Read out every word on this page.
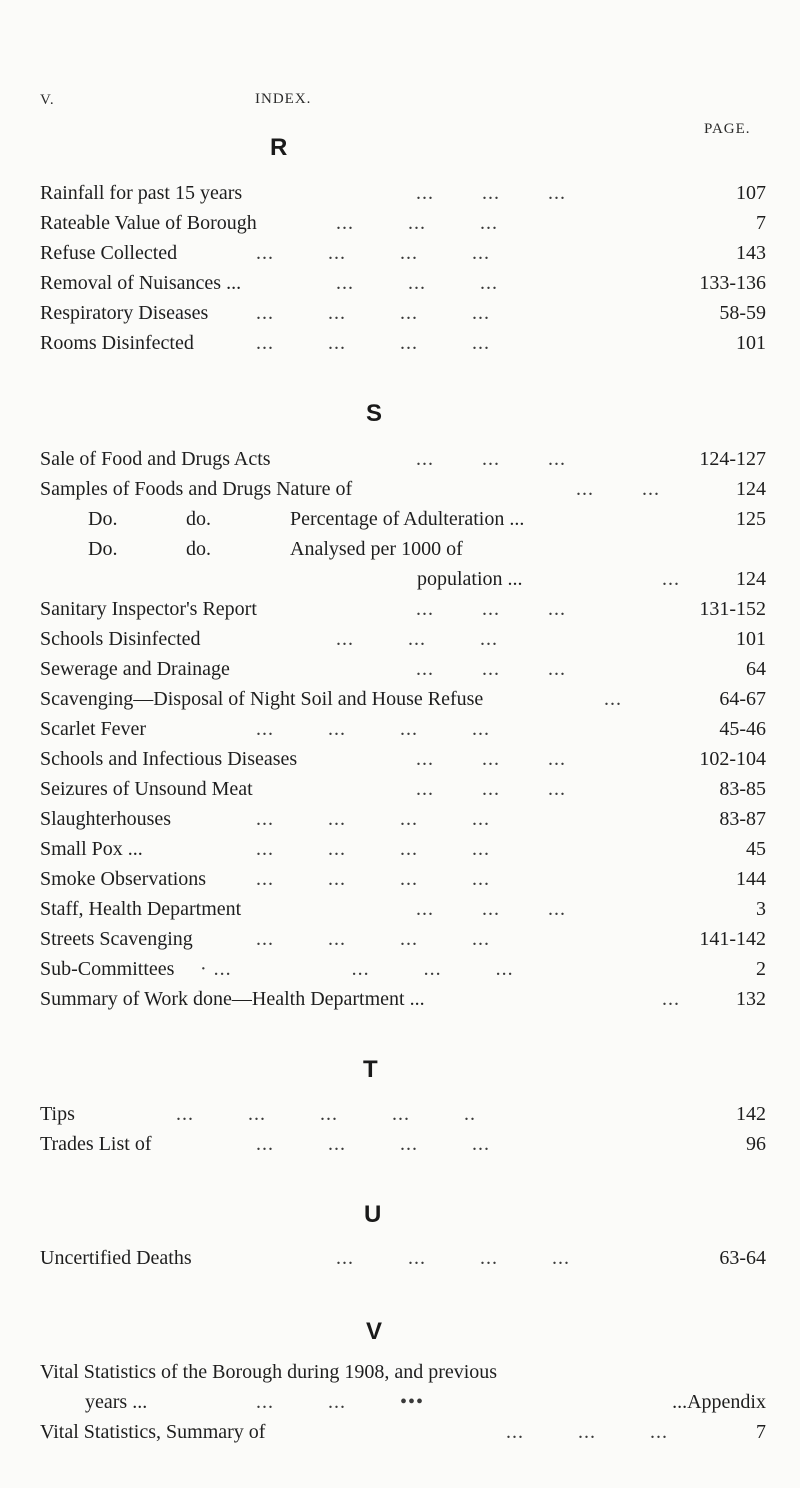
V.	INDEX.
PAGE.
R
Rainfall for past 15 years	...        ...        ...	107
Rateable Value of Borough	...         ...         ...	7
Refuse Collected	...         ...         ...         ...	143
Removal of Nuisances ...	...         ...         ...	133-136
Respiratory Diseases ...         ...         ...         ...	58-59
Rooms Disinfected	...         ...         ...         ...	101
S
Sale of Food and Drugs Acts	...        ...        ...	124-127
Samples of Foods and Drugs Nature of	...        ...	124
Do.	do.	Percentage of Adulteration ...	125
Do.	do.	Analysed per 1000 of
population ...	...	124
Sanitary Inspector's Report	...        ...        ...	131-152
Schools Disinfected	...         ...         ...	101
Sewerage and Drainage	...        ...        ...	64
Scavenging—Disposal of Night Soil and House Refuse	...	64-67
Scarlet Fever	...         ...         ...         ...	45-46
Schools and Infectious Diseases	...        ...        ...	102-104
Seizures of Unsound Meat	...        ...        ...	83-85
Slaughterhouses	...         ...         ...         ...	83-87
Small Pox ...	...         ...         ...         ...	45
Smoke Observations ...         ...         ...         ...	144
Staff, Health Department	...        ...        ...	3
Streets Scavenging	...         ...         ...         ...	141-142
Sub-Committees · ...                    ...         ...         ...	2
Summary of Work done—Health Department ...	...	132
T
Tips	...         ...         ...         ...         ..	142
Trades List of	...         ...         ...         ...	96
U
Uncertified Deaths	...         ...         ...         ...	63-64
V
Vital Statistics of the Borough during 1908, and previous
years ...	...         ...         •••	...Appendix
Vital Statistics, Summary of	...         ...         ...	7
